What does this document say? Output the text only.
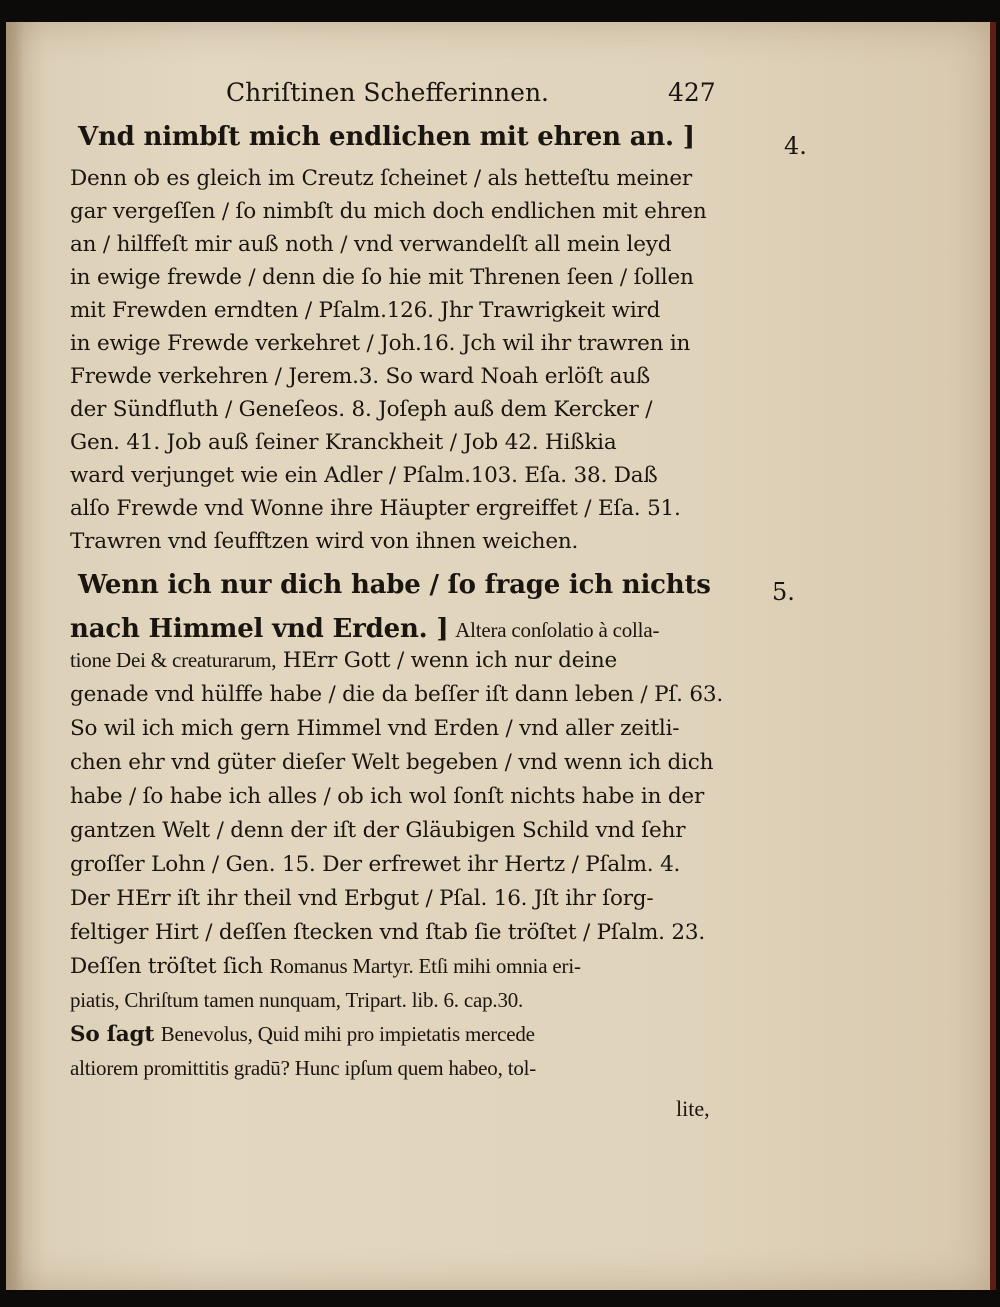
Chriſtinen Schefferinnen.	427
4.
5.
Vnd nimbſt mich endlichen mit ehren an. ]
Denn ob es gleich im Creutz ſcheinet / als hetteſtu meiner
gar vergeſſen / ſo nimbſt du mich doch endlichen mit ehren
an / hilffeſt mir auß noth / vnd verwandelſt all mein leyd
in ewige frewde / denn die ſo hie mit Threnen ſeen / ſollen
mit Frewden erndten / Pſalm.126. Jhr Trawrigkeit wird
in ewige Frewde verkehret / Joh.16. Jch wil ihr trawren in
Frewde verkehren / Jerem.3. So ward Noah erlöſt auß
der Sündfluth / Geneſeos. 8. Joſeph auß dem Kercker /
Gen. 41. Job auß ſeiner Kranckheit / Job 42. Hißkia
ward verjunget wie ein Adler / Pſalm.103. Eſa. 38. Daß
alſo Frewde vnd Wonne ihre Häupter ergreiffet / Eſa. 51.
Trawren vnd ſeufftzen wird von ihnen weichen.
Wenn ich nur dich habe / ſo frage ich nichts
nach Himmel vnd Erden. ] Altera conſolatio à colla-
tione Dei & creaturarum, HErr Gott / wenn ich nur deine
genade vnd hülffe habe / die da beſſer iſt dann leben / Pſ. 63.
So wil ich mich gern Himmel vnd Erden / vnd aller zeitli-
chen ehr vnd güter dieſer Welt begeben / vnd wenn ich dich
habe / ſo habe ich alles / ob ich wol ſonſt nichts habe in der
gantzen Welt / denn der iſt der Gläubigen Schild vnd ſehr
groſſer Lohn / Gen. 15. Der erfrewet ihr Hertz / Pſalm. 4.
Der HErr iſt ihr theil vnd Erbgut / Pſal. 16. Jſt ihr ſorg-
feltiger Hirt / deſſen ſtecken vnd ſtab ſie tröſtet / Pſalm. 23.
Deſſen tröſtet ſich Romanus Martyr. Etſi mihi omnia eri-
piatis, Chriſtum tamen nunquam, Tripart. lib. 6. cap.30.
So ſagt Benevolus, Quid mihi pro impietatis mercede
altiorem promittitis gradū? Hunc ipſum quem habeo, tol-
lite,
